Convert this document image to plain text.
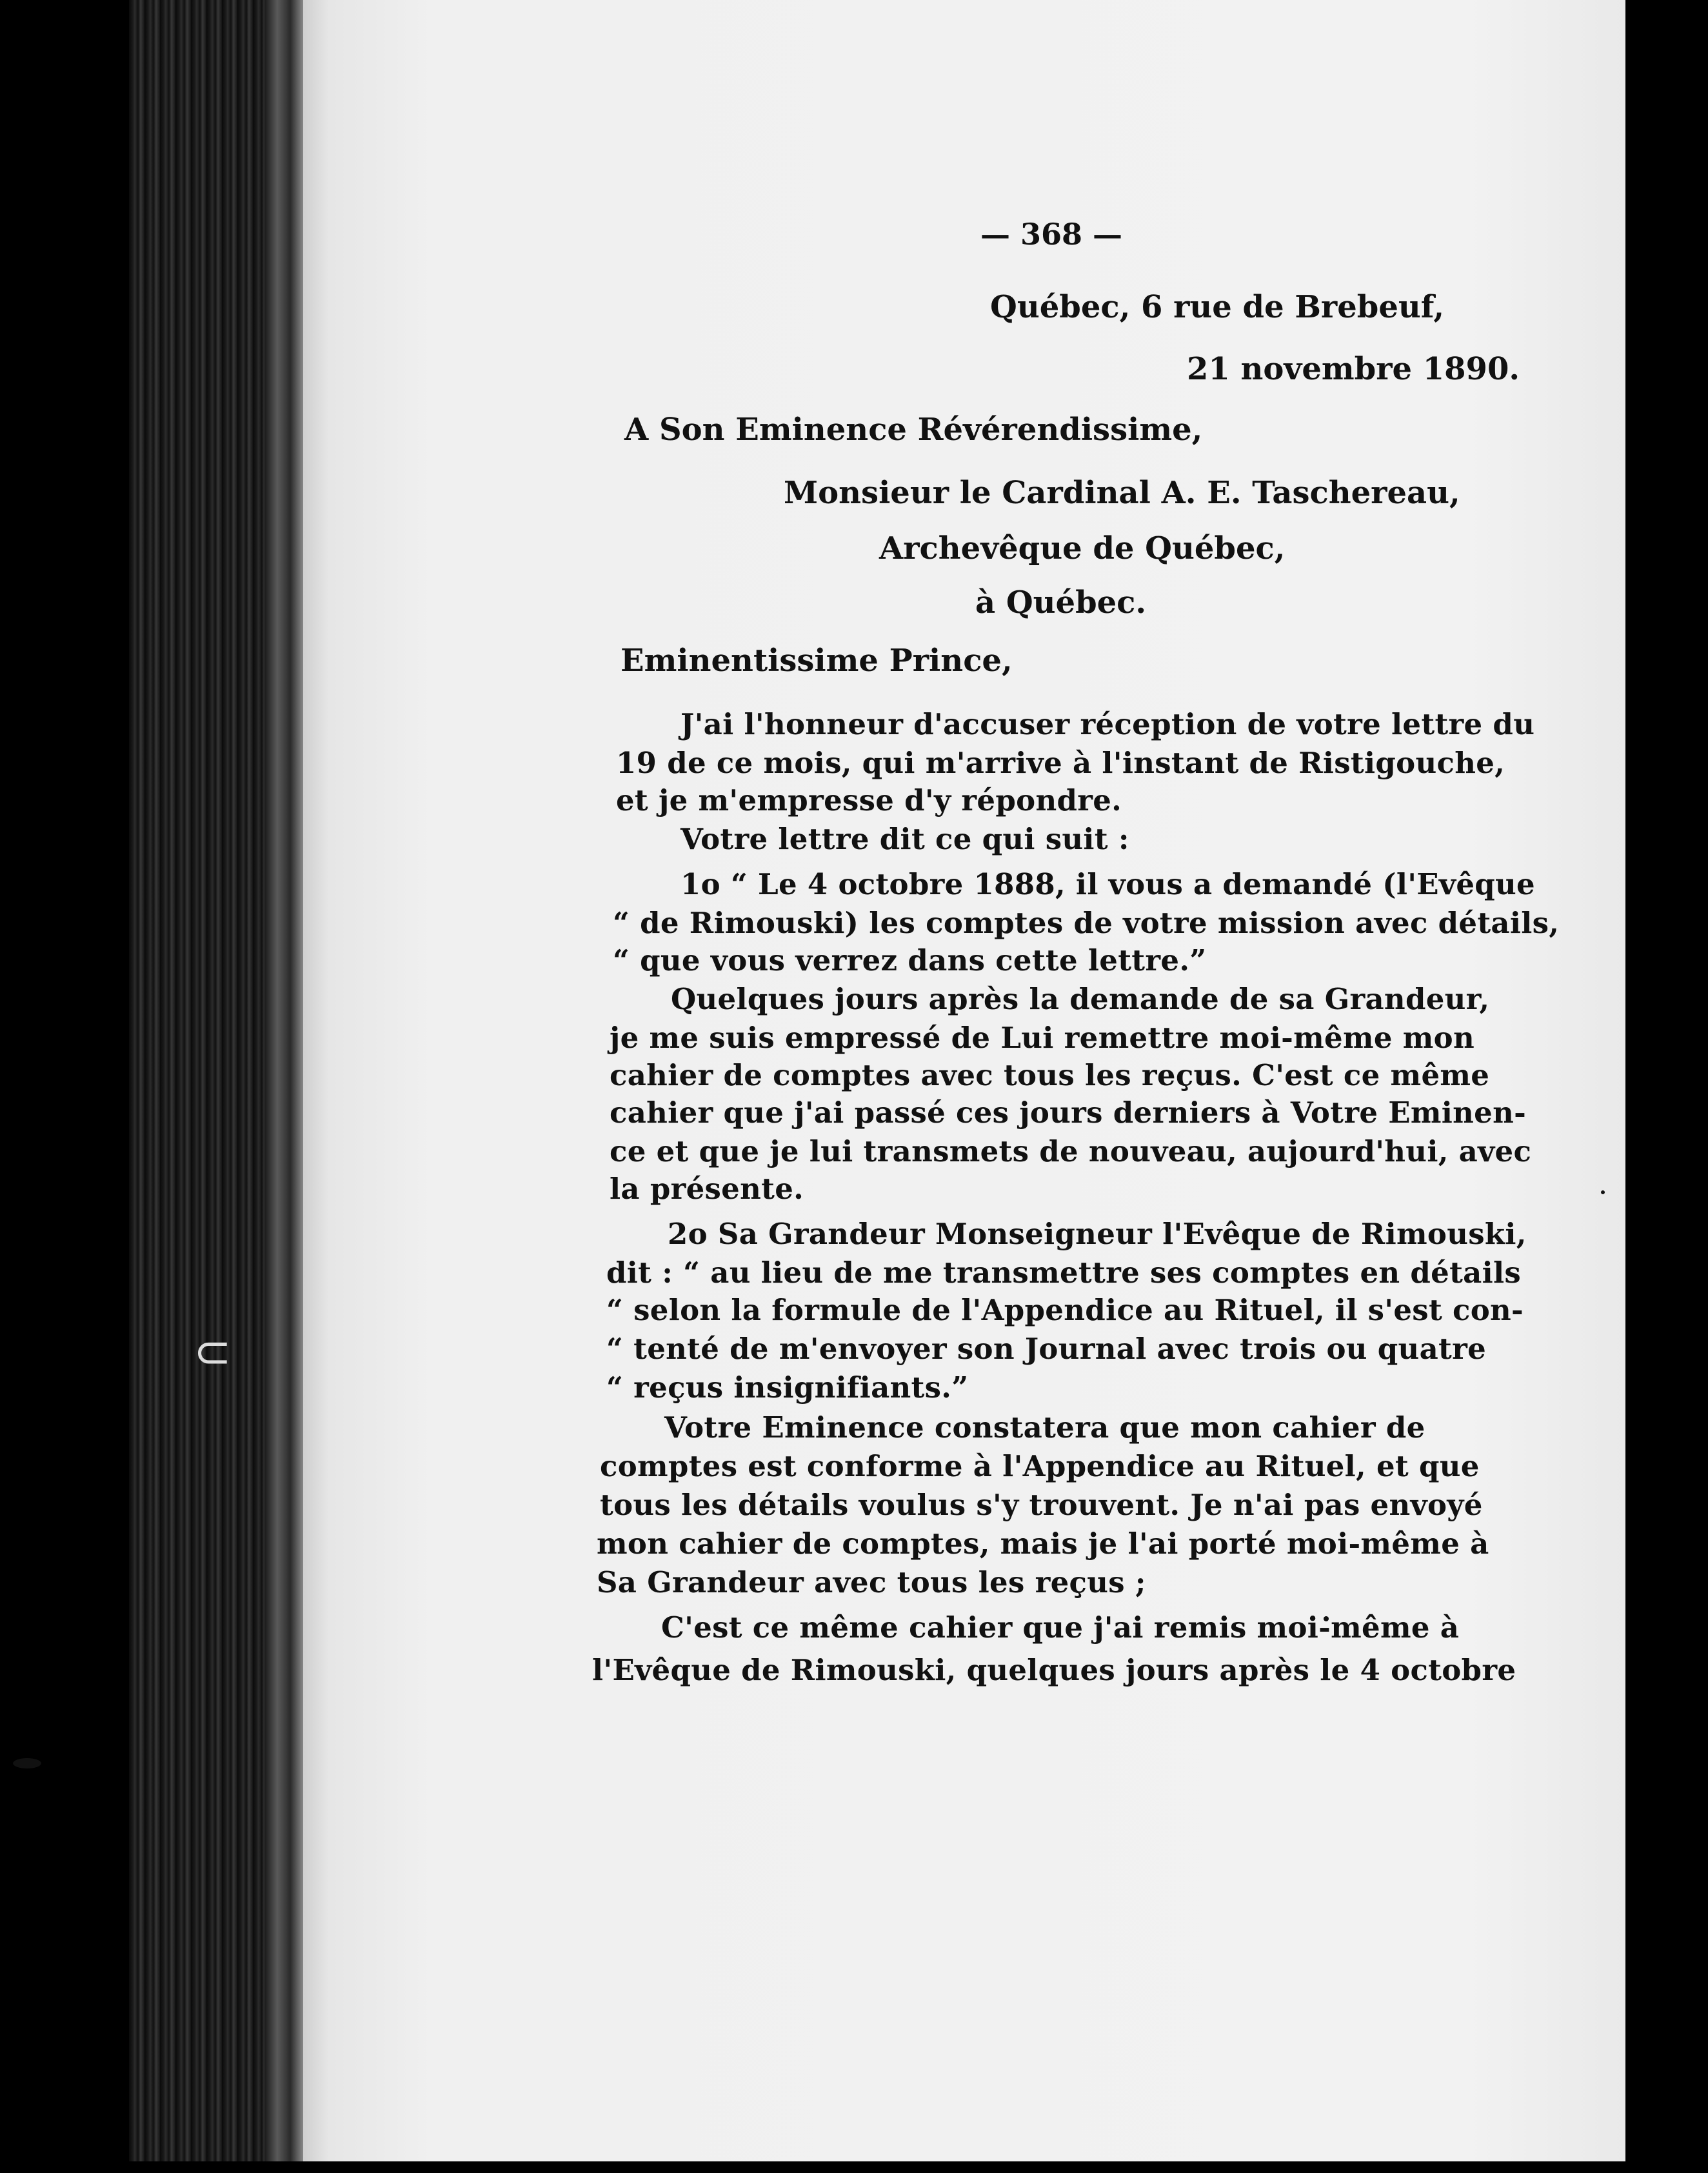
⊂

— 368 —

Québec, 6 rue de Brebeuf,

21 novembre 1890.

A Son Eminence Révérendissime,

Monsieur le Cardinal A. E. Taschereau,

Archevêque de Québec,

à Québec.

Eminentissime Prince,

J'ai l'honneur d'accuser réception de votre lettre du

19 de ce mois, qui m'arrive à l'instant de Ristigouche,

et je m'empresse d'y répondre.

Votre lettre dit ce qui suit :

1o “ Le 4 octobre 1888, il vous a demandé (l'Evêque

“ de Rimouski) les comptes de votre mission avec détails,

“ que vous verrez dans cette lettre.”

Quelques jours après la demande de sa Grandeur,

je me suis empressé de Lui remettre moi-même mon

cahier de comptes avec tous les reçus. C'est ce même

cahier que j'ai passé ces jours derniers à Votre Eminen-

ce et que je lui transmets de nouveau, aujourd'hui, avec

la présente.

2o Sa Grandeur Monseigneur l'Evêque de Rimouski,

dit : “ au lieu de me transmettre ses comptes en détails

“ selon la formule de l'Appendice au Rituel, il s'est con-

“ tenté de m'envoyer son Journal avec trois ou quatre

“ reçus insignifiants.”

Votre Eminence constatera que mon cahier de

comptes est conforme à l'Appendice au Rituel, et que

tous les détails voulus s'y trouvent. Je n'ai pas envoyé

mon cahier de comptes, mais je l'ai porté moi-même à

Sa Grandeur avec tous les reçus ;

C'est ce même cahier que j'ai remis moi-même à

l'Evêque de Rimouski, quelques jours après le 4 octobre
